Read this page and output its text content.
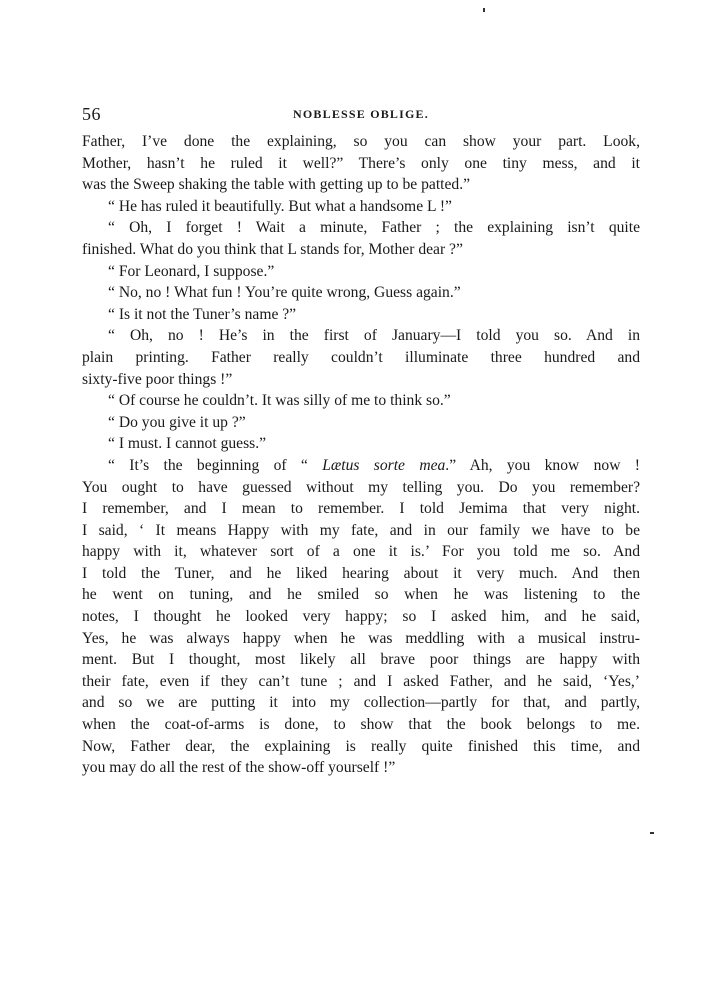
56	NOBLESSE OBLIGE.
Father, I’ve done the explaining, so you can show your part. Look,
Mother, hasn’t he ruled it well?” There’s only one tiny mess, and it
was the Sweep shaking the table with getting up to be patted.”
“ He has ruled it beautifully. But what a handsome L !”
“ Oh, I forget ! Wait a minute, Father ; the explaining isn’t quite
finished. What do you think that L stands for, Mother dear ?”
“ For Leonard, I suppose.”
“ No, no ! What fun ! You’re quite wrong, Guess again.”
“ Is it not the Tuner’s name ?”
“ Oh, no ! He’s in the first of January—I told you so. And in
plain printing. Father really couldn’t illuminate three hundred and
sixty-five poor things !”
“ Of course he couldn’t. It was silly of me to think so.”
“ Do you give it up ?”
“ I must. I cannot guess.”
“ It’s the beginning of “ Lætus sorte mea.” Ah, you know now !
You ought to have guessed without my telling you. Do you remember?
I remember, and I mean to remember. I told Jemima that very night.
I said, ‘ It means Happy with my fate, and in our family we have to be
happy with it, whatever sort of a one it is.’ For you told me so. And
I told the Tuner, and he liked hearing about it very much. And then
he went on tuning, and he smiled so when he was listening to the
notes, I thought he looked very happy; so I asked him, and he said,
Yes, he was always happy when he was meddling with a musical instru-
ment. But I thought, most likely all brave poor things are happy with
their fate, even if they can’t tune ; and I asked Father, and he said, ‘Yes,’
and so we are putting it into my collection—partly for that, and partly,
when the coat-of-arms is done, to show that the book belongs to me.
Now, Father dear, the explaining is really quite finished this time, and
you may do all the rest of the show-off yourself !”
